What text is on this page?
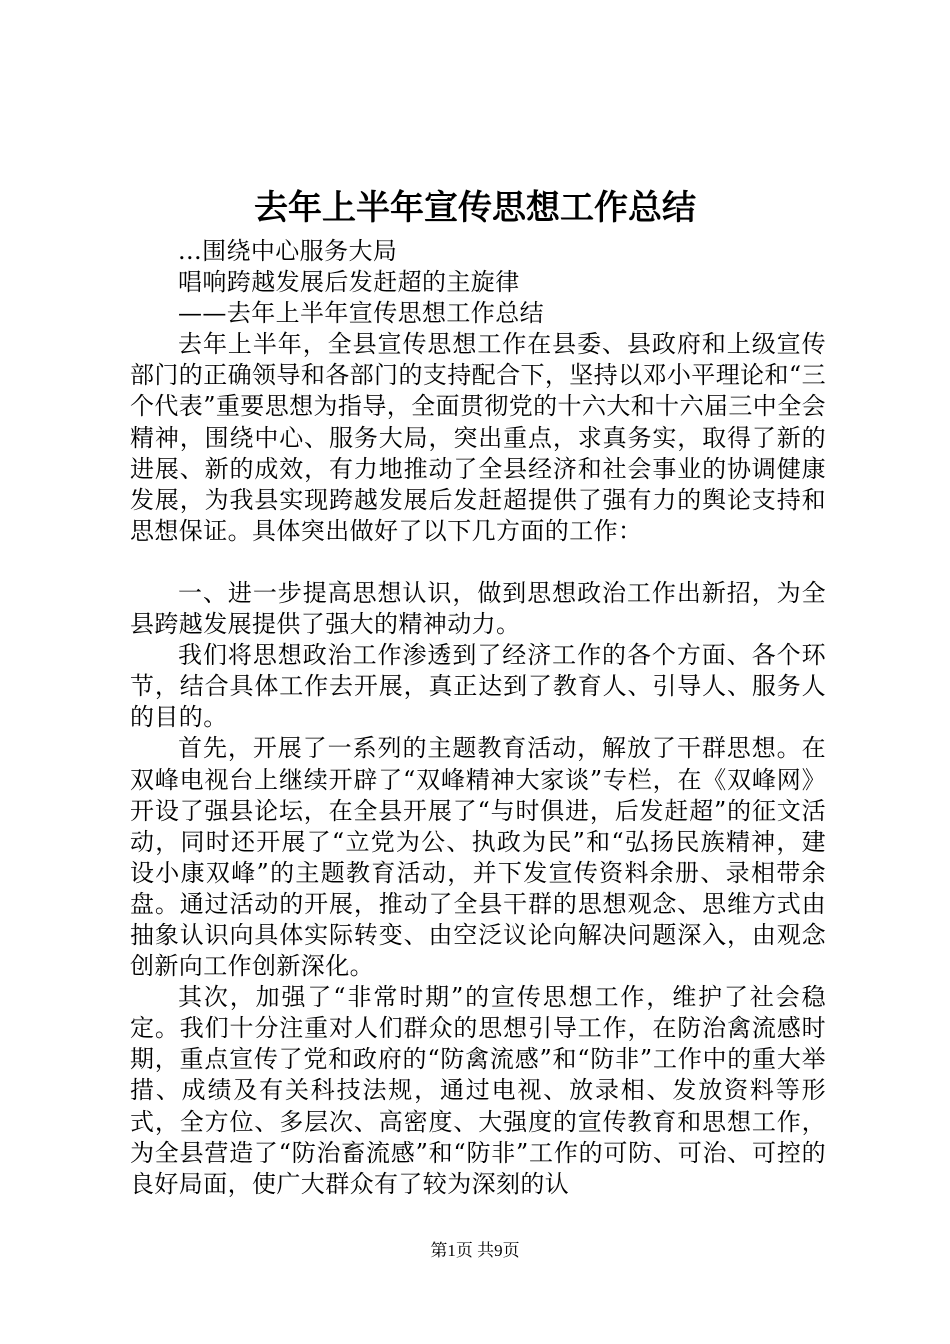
去年上半年宣传思想工作总结

...围绕中心服务大局

唱响跨越发展后发赶超的主旋律

——去年上半年宣传思想工作总结

去年上半年，全县宣传思想工作在县委、县政府和上级宣传部门的正确领导和各部门的支持配合下，坚持以邓小平理论和“三个代表”重要思想为指导，全面贯彻党的十六大和十六届三中全会精神，围绕中心、服务大局，突出重点，求真务实，取得了新的进展、新的成效，有力地推动了全县经济和社会事业的协调健康发展，为我县实现跨越发展后发赶超提供了强有力的舆论支持和思想保证。具体突出做好了以下几方面的工作：

一、进一步提高思想认识，做到思想政治工作出新招，为全县跨越发展提供了强大的精神动力。

我们将思想政治工作渗透到了经济工作的各个方面、各个环节，结合具体工作去开展，真正达到了教育人、引导人、服务人的目的。

首先，开展了一系列的主题教育活动，解放了干群思想。在双峰电视台上继续开辟了“双峰精神大家谈”专栏，在《双峰网》开设了强县论坛，在全县开展了“与时俱进，后发赶超”的征文活动，同时还开展了“立党为公、执政为民”和“弘扬民族精神，建设小康双峰”的主题教育活动，并下发宣传资料余册、录相带余盘。通过活动的开展，推动了全县干群的思想观念、思维方式由抽象认识向具体实际转变、由空泛议论向解决问题深入，由观念创新向工作创新深化。

其次，加强了“非常时期”的宣传思想工作，维护了社会稳定。我们十分注重对人们群众的思想引导工作，在防治禽流感时期，重点宣传了党和政府的“防禽流感”和“防非”工作中的重大举措、成绩及有关科技法规，通过电视、放录相、发放资料等形式，全方位、多层次、高密度、大强度的宣传教育和思想工作，为全县营造了“防治畜流感”和“防非”工作的可防、可治、可控的良好局面，使广大群众有了较为深刻的认

第1页 共9页
